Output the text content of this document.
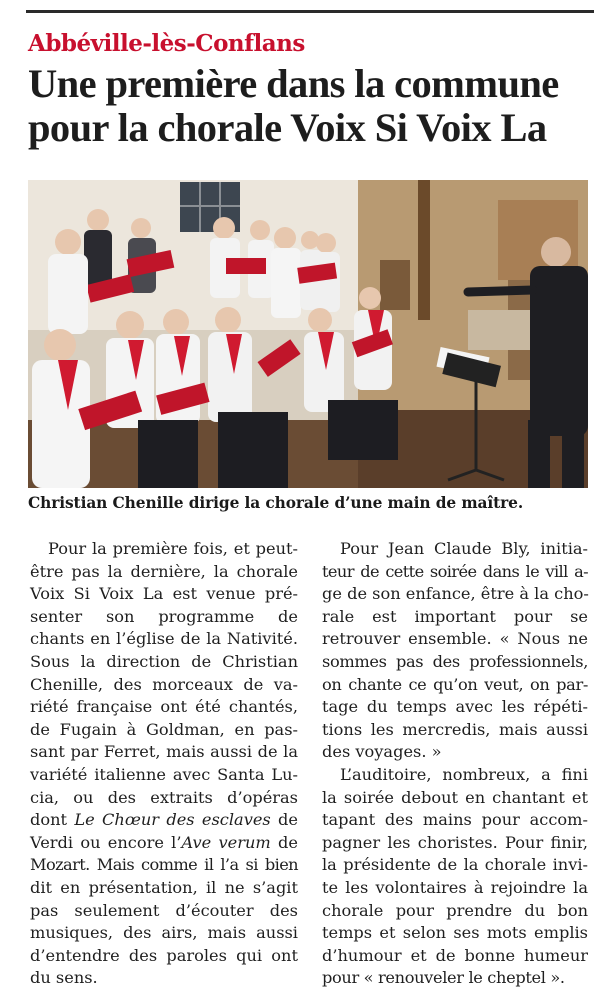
Abbéville-lès-Conflans
Une première dans la commune
pour la chorale Voix Si Voix La
Christian Chenille dirige la chorale d’une main de maître.

Pour la première fois, et peut-
être pas la dernière, la chorale
Voix Si Voix La est venue pré-
senter son programme de
chants en l’église de la Nativité.
Sous la direction de Christian
Chenille, des morceaux de va-
riété française ont été chantés,
de Fugain à Goldman, en pas-
sant par Ferret, mais aussi de la
variété italienne avec Santa Lu-
cia, ou des extraits d’opéras
dont Le Chœur des esclaves de
Verdi ou encore l’Ave verum de
Mozart. Mais comme il l’a si bien
dit en présentation, il ne s’agit
pas seulement d’écouter des
musiques, des airs, mais aussi
d’entendre des paroles qui ont
du sens.

Pour Jean Claude Bly, initia-
teur de cette soirée dans le vill a-
ge de son enfance, être à la cho-
rale est important pour se
retrouver ensemble. « Nous ne
sommes pas des professionnels,
on chante ce qu’on veut, on par-
tage du temps avec les répéti-
tions les mercredis, mais aussi
des voyages. »

L’auditoire, nombreux, a fini
la soirée debout en chantant et
tapant des mains pour accom-
pagner les choristes. Pour finir,
la présidente de la chorale invi-
te les volontaires à rejoindre la
chorale pour prendre du bon
temps et selon ses mots emplis
d’humour et de bonne humeur
pour « renouveler le cheptel ».
